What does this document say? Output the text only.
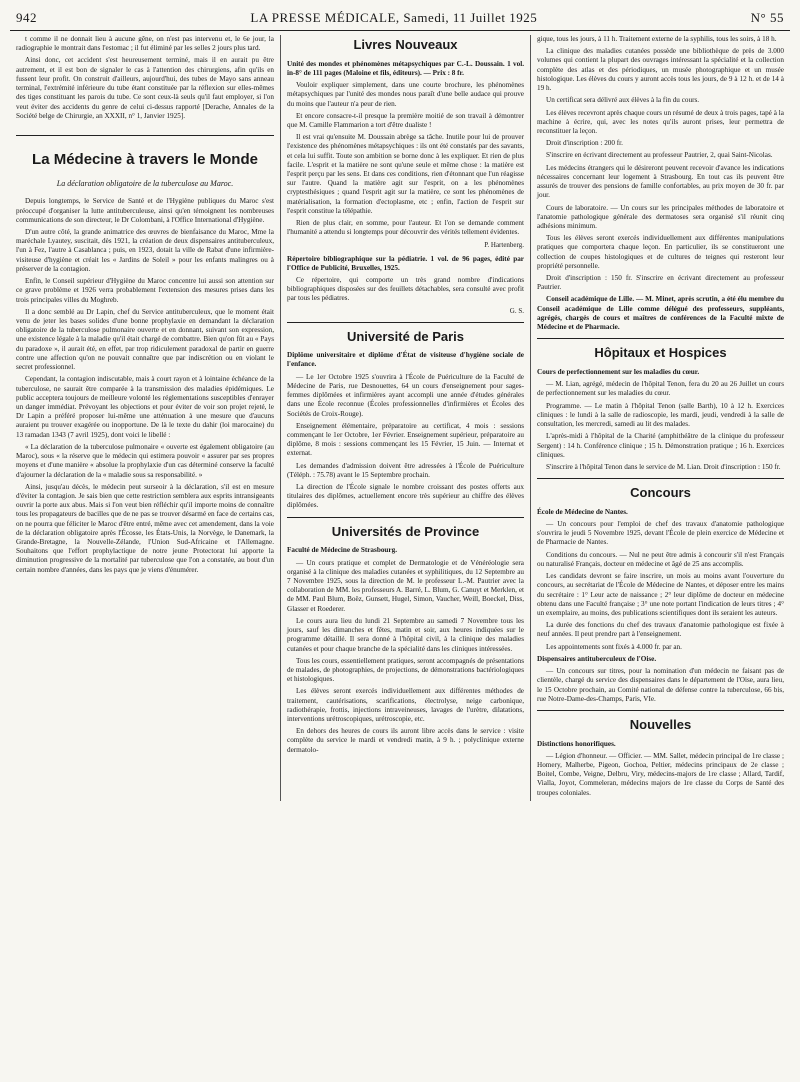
942	LA PRESSE MÉDICALE, Samedi, 11 Juillet 1925	N° 55

t comme il ne donnait lieu à aucune gêne, on n'est pas intervenu et, le 6e jour, la radiographie le montrait dans l'estomac ; il fut éliminé par les selles 2 jours plus tard.

Ainsi donc, cet accident s'est heureusement terminé, mais il en aurait pu être autrement, et il est bon de signaler le cas à l'attention des chirurgiens, afin qu'ils en fussent leur profit. On construit d'ailleurs, aujourd'hui, des tubes de Mayo sans anneau terminal, l'extrémité inférieure du tube étant constituée par la réflexion sur elles-mêmes des tiges constituant les parois du tube. Ce sont ceux-là seuls qu'il faut employer, si l'on veut éviter des accidents du genre de celui ci-dessus rapporté [Derache, Annales de la Société belge de Chirurgie, an XXXII, n° 1, Janvier 1925].

La Médecine à travers le Monde
La déclaration obligatoire de la tuberculose au Maroc.

Depuis longtemps, le Service de Santé et de l'Hygiène publiques du Maroc s'est préoccupé d'organiser la lutte antituberculeuse, ainsi qu'en témoignent les nombreuses communications de son directeur, le Dr Colombani, à l'Office International d'Hygiène.

D'un autre côté, la grande animatrice des œuvres de bienfaisance du Maroc, Mme la maréchale Lyautey, suscitait, dès 1921, la création de deux dispensaires antituberculeux, l'un à Fez, l'autre à Casablanca ; puis, en 1923, dotait la ville de Rabat d'une infirmière-visiteuse d'hygiène et créait les « Jardins de Soleil » pour les enfants malingres ou à préserver de la contagion.

Enfin, le Conseil supérieur d'Hygiène du Maroc concentre lui aussi son attention sur ce grave problème et 1926 verra probablement l'extension des mesures prises dans les trois principales villes du Moghreb.

Il a donc semblé au Dr Lapin, chef du Service antituberculeux, que le moment était venu de jeter les bases solides d'une bonne prophylaxie en demandant la déclaration obligatoire de la tuberculose pulmonaire ouverte et en donnant, suivant son expression, une existence légale à la maladie qu'il était chargé de combattre. Bien qu'on fût au « Pays du paradoxe », il aurait été, en effet, par trop ridiculement paradoxal de partir en guerre contre une affection qu'on ne pouvait connaître que par indiscrétion ou en violant le secret professionnel.

Cependant, la contagion indiscutable, mais à court rayon et à lointaine échéance de la tuberculose, ne saurait être comparée à la transmission des maladies épidémiques. Le public acceptera toujours de meilleure volonté les réglementations susceptibles d'enrayer un danger immédiat. Prévoyant les objections et pour éviter de voir son projet rejeté, le Dr Lapin a préféré proposer lui-même une atténuation à une mesure que d'aucuns auraient pu trouver exagérée ou inopportune. De là le texte du dahir (loi marocaine) du 13 ramadan 1343 (7 avril 1925), dont voici le libellé :

« La déclaration de la tuberculose pulmonaire « ouverte est également obligatoire (au Maroc), sous « la réserve que le médecin qui estimera pouvoir « assurer par ses propres moyens et d'une manière « absolue la prophylaxie d'un cas déterminé conserve la faculté d'ajourner la déclaration de la « maladie sous sa responsabilité. »

Ainsi, jusqu'au décès, le médecin peut surseoir à la déclaration, s'il est en mesure d'éviter la contagion. Je sais bien que cette restriction semblera aux esprits intransigeants ouvrir la porte aux abus. Mais si l'on veut bien réfléchir qu'il importe moins de connaître tous les propagateurs de bacilles que de ne pas se trouver désarmé en face de certains cas, on ne pourra que féliciter le Maroc d'être entré, même avec cet amendement, dans la voie de la déclaration obligatoire après l'Écosse, les États-Unis, la Norvège, le Danemark, la Grande-Bretagne, la Nouvelle-Zélande, l'Union Sud-Africaine et l'Allemagne. Souhaitons que l'effort prophylactique de notre jeune Protectorat lui apporte la diminution progressive de la mortalité par tuberculose que l'on a constatée, au bout d'un certain nombre d'années, dans les pays que je viens d'énumérer.

Livres Nouveaux

Unité des mondes et phénomènes métapsychiques par C.-L. Doussain. 1 vol. in-8° de 111 pages (Maloine et fils, éditeurs). — Prix : 8 fr.

Vouloir expliquer simplement, dans une courte brochure, les phénomènes métapsychiques par l'unité des mondes nous paraît d'une belle audace qui prouve du moins que l'auteur n'a peur de rien.

Et encore consacre-t-il presque la première moitié de son travail à démontrer que M. Camille Flammarion a tort d'être dualiste !

Il est vrai qu'ensuite M. Doussain abrège sa tâche. Inutile pour lui de prouver l'existence des phénomènes métapsychiques : ils ont été constatés par des savants, et cela lui suffit. Toute son ambition se borne donc à les expliquer. Et rien de plus facile. L'esprit et la matière ne sont qu'une seule et même chose : la matière est l'esprit perçu par les sens. Et dans ces conditions, rien d'étonnant que l'un réagisse sur l'autre. Quand la matière agit sur l'esprit, on a les phénomènes cryptesthésiques ; quand l'esprit agit sur la matière, ce sont les phénomènes de matérialisation, la formation d'ectoplasme, etc ; enfin, l'action de l'esprit sur l'esprit constitue la télépathie.

Rien de plus clair, en somme, pour l'auteur. Et l'on se demande comment l'humanité a attendu si longtemps pour découvrir des vérités tellement évidentes.

P. Hartenberg.

Répertoire bibliographique sur la pédiatrie. 1 vol. de 96 pages, édité par l'Office de Publicité, Bruxelles, 1925.

Ce répertoire, qui comporte un très grand nombre d'indications bibliographiques disposées sur des feuillets détachables, sera consulté avec profit par tous les pédiatres.

G. S.
Université de Paris

Diplôme universitaire et diplôme d'État de visiteuse d'hygiène sociale de l'enfance.

— Le 1er Octobre 1925 s'ouvrira à l'École de Puériculture de la Faculté de Médecine de Paris, rue Desnouettes, 64 un cours d'enseignement pour sages-femmes diplômées et infirmières ayant accompli une année d'études générales dans une École reconnue (Écoles professionnelles d'infirmières et Écoles des Sociétés de Croix-Rouge).

Enseignement élémentaire, préparatoire au certificat, 4 mois : sessions commençant le 1er Octobre, 1er Février. Enseignement supérieur, préparatoire au diplôme, 8 mois : sessions commençant les 15 Février, 15 Juin. — Internat et externat.

Les demandes d'admission doivent être adressées à l'École de Puériculture (Téléph. : 75.78) avant le 15 Septembre prochain.

La direction de l'École signale le nombre croissant des postes offerts aux titulaires des diplômes, actuellement encore très supérieur au chiffre des élèves diplômées.

Universités de Province

Faculté de Médecine de Strasbourg.

— Un cours pratique et complet de Dermatologie et de Vénéréologie sera organisé à la clinique des maladies cutanées et syphilitiques, du 12 Septembre au 7 Novembre 1925, sous la direction de M. le professeur L.-M. Pautrier avec la collaboration de MM. les professeurs A. Barré, L. Blum, G. Canuyt et Merklen, et de MM. Paul Blum, Boëz, Gunsett, Hugel, Simon, Vaucher, Weill, Boeckel, Diss, Glasser et Roederer.

Le cours aura lieu du lundi 21 Septembre au samedi 7 Novembre tous les jours, sauf les dimanches et fêtes, matin et soir, aux heures indiquées sur le programme détaillé. Il sera donné à l'hôpital civil, à la clinique des maladies cutanées et pour chaque branche de la spécialité dans les cliniques intéressées.

Tous les cours, essentiellement pratiques, seront accompagnés de présentations de malades, de photographies, de projections, de démonstrations bactériologiques et histologiques.

Les élèves seront exercés individuellement aux différentes méthodes de traitement, cautérisations, scarifications, électrolyse, neige carbonique, radiothérapie, frottis, injections intraveineuses, lavages de l'urètre, dilatations, interventions urétroscopiques, urétroscopie, etc.

En dehors des heures de cours ils auront libre accès dans le service : visite complète du service le mardi et vendredi matin, à 9 h. ; polyclinique externe dermatolo-

gique, tous les jours, à 11 h. Traitement externe de la syphilis, tous les soirs, à 18 h.

La clinique des maladies cutanées possède une bibliothèque de près de 3.000 volumes qui contient la plupart des ouvrages intéressant la spécialité et la collection complète des atlas et des périodiques, un musée photographique et un musée histologique. Les élèves du cours y auront accès tous les jours, de 9 à 12 h. et de 14 à 19 h.

Un certificat sera délivré aux élèves à la fin du cours.

Les élèves recevront après chaque cours un résumé de deux à trois pages, tapé à la machine à écrire, qui, avec les notes qu'ils auront prises, leur permettra de reconstituer la leçon.

Droit d'inscription : 200 fr.

S'inscrire en écrivant directement au professeur Pautrier, 2, quai Saint-Nicolas.

Les médecins étrangers qui le désireront peuvent recevoir d'avance les indications nécessaires concernant leur logement à Strasbourg. En tout cas ils peuvent être assurés de trouver des pensions de famille confortables, au prix moyen de 30 fr. par jour.

Cours de laboratoire. — Un cours sur les principales méthodes de laboratoire et l'anatomie pathologique générale des dermatoses sera organisé s'il réunit cinq adhésions minimum.

Tous les élèves seront exercés individuellement aux différentes manipulations pratiques que comportera chaque leçon. En particulier, ils se constitueront une collection de coupes histologiques et de cultures de teignes qui resteront leur propriété personnelle.

Droit d'inscription : 150 fr. S'inscrire en écrivant directement au professeur Pautrier.

Conseil académique de Lille. — M. Minet, après scrutin, a été élu membre du Conseil académique de Lille comme délégué des professeurs, suppléants, agrégés, chargés de cours et maîtres de conférences de la Faculté mixte de Médecine et de Pharmacie.

Hôpitaux et Hospices

Cours de perfectionnement sur les maladies du cœur.

— M. Lian, agrégé, médecin de l'hôpital Tenon, fera du 20 au 26 Juillet un cours de perfectionnement sur les maladies du cœur.

Programme. — Le matin à l'hôpital Tenon (salle Barth), 10 à 12 h. Exercices cliniques : le lundi à la salle de radioscopie, les mardi, jeudi, vendredi à la salle de consultation, les mercredi, samedi au lit des malades.

L'après-midi à l'hôpital de la Charité (amphithéâtre de la clinique du professeur Sergent) : 14 h. Conférence clinique ; 15 h. Démonstration pratique ; 16 h. Exercices cliniques.

S'inscrire à l'hôpital Tenon dans le service de M. Lian. Droit d'inscription : 150 fr.

Concours

École de Médecine de Nantes.

— Un concours pour l'emploi de chef des travaux d'anatomie pathologique s'ouvrira le jeudi 5 Novembre 1925, devant l'École de plein exercice de Médecine et de Pharmacie de Nantes.

Conditions du concours. — Nul ne peut être admis à concourir s'il n'est Français ou naturalisé Français, docteur en médecine et âgé de 25 ans accomplis.

Les candidats devront se faire inscrire, un mois au moins avant l'ouverture du concours, au secrétariat de l'École de Médecine de Nantes, et déposer entre les mains du secrétaire : 1° Leur acte de naissance ; 2° leur diplôme de docteur en médecine obtenu dans une Faculté française ; 3° une note portant l'indication de leurs titres ; 4° un exemplaire, au moins, des publications scientifiques dont ils seraient les auteurs.

La durée des fonctions du chef des travaux d'anatomie pathologique est fixée à neuf années. Il peut prendre part à l'enseignement.

Les appointements sont fixés à 4.000 fr. par an.

Dispensaires antituberculeux de l'Oise.

— Un concours sur titres, pour la nomination d'un médecin ne faisant pas de clientèle, chargé du service des dispensaires dans le département de l'Oise, aura lieu, le 15 Octobre prochain, au Comité national de défense contre la tuberculose, 66 bis, rue Notre-Dame-des-Champs, Paris, VIe.

Nouvelles

Distinctions honorifiques.

— Légion d'honneur. — Officier. — MM. Sallet, médecin principal de 1re classe ; Homery, Malherbe, Pigeon, Gochoa, Peltier, médecins principaux de 2e classe ; Boitel, Combe, Veigne, Delbru, Viry, médecins-majors de 1re classe ; Allard, Tardif, Vialla, Joyot, Commeleran, médecins majors de 1re classe du Corps de Santé des troupes coloniales.
